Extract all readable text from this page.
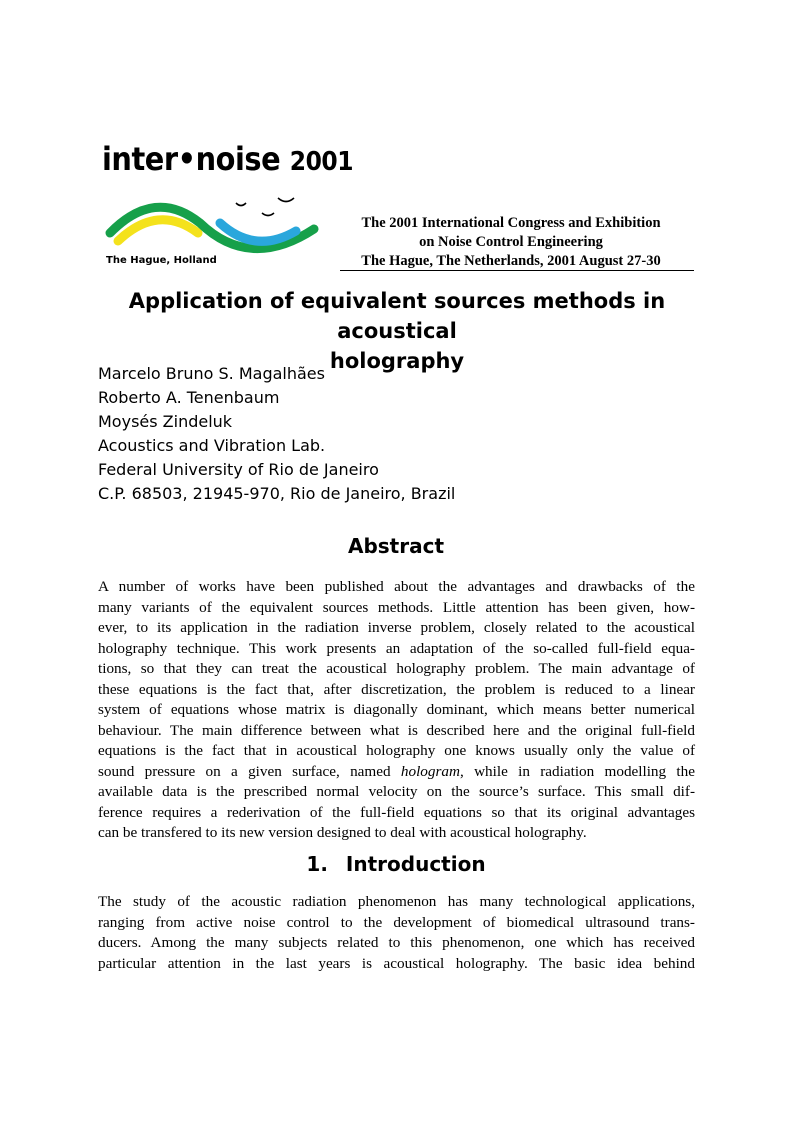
inter•noise 2001
The Hague, Holland
The 2001 International Congress and Exhibition
on Noise Control Engineering
The Hague, The Netherlands, 2001 August 27-30
Application of equivalent sources methods in acoustical
holography
Marcelo Bruno S. Magalhães
Roberto A. Tenenbaum
Moysés Zindeluk
Acoustics and Vibration Lab.
Federal University of Rio de Janeiro
C.P. 68503, 21945-970, Rio de Janeiro, Brazil
Abstract
A number of works have been published about the advantages and drawbacks of the
many variants of the equivalent sources methods. Little attention has been given, how-
ever, to its application in the radiation inverse problem, closely related to the acoustical
holography technique. This work presents an adaptation of the so-called full-field equa-
tions, so that they can treat the acoustical holography problem. The main advantage of
these equations is the fact that, after discretization, the problem is reduced to a linear
system of equations whose matrix is diagonally dominant, which means better numerical
behaviour. The main difference between what is described here and the original full-field
equations is the fact that in acoustical holography one knows usually only the value of
sound pressure on a given surface, named hologram, while in radiation modelling the
available data is the prescribed normal velocity on the source’s surface. This small dif-
ference requires a rederivation of the full-field equations so that its original advantages
can be transfered to its new version designed to deal with acoustical holography.
1. Introduction
The study of the acoustic radiation phenomenon has many technological applications,
ranging from active noise control to the development of biomedical ultrasound trans-
ducers. Among the many subjects related to this phenomenon, one which has received
particular attention in the last years is acoustical holography. The basic idea behind
